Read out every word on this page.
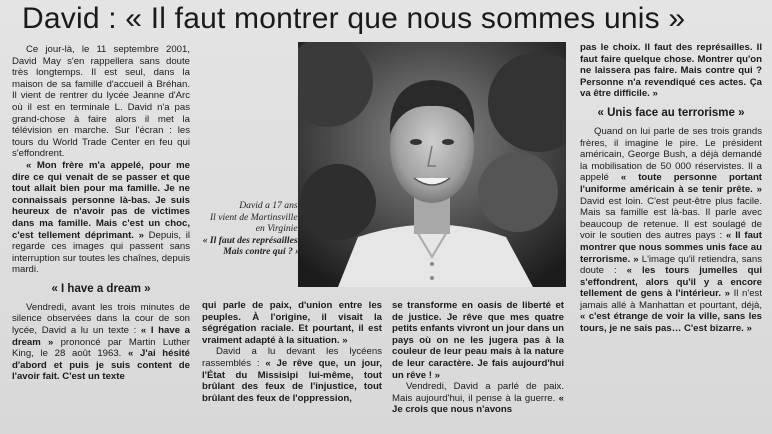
David : « Il faut montrer que nous sommes unis »

Ce jour-là, le 11 septembre 2001, David May s'en rappellera sans doute très longtemps. Il est seul, dans la maison de sa famille d'accueil à Bréhan. Il vient de rentrer du lycée Jeanne d'Arc où il est en terminale L. David n'a pas grand-chose à faire alors il met la télévision en marche. Sur l'écran : les tours du World Trade Center en feu qui s'effondrent.

« Mon frère m'a appelé, pour me dire ce qui venait de se passer et que tout allait bien pour ma famille. Je ne connaissais personne là-bas. Je suis heureux de n'avoir pas de victimes dans ma famille. Mais c'est un choc, c'est tellement déprimant. » Depuis, il regarde ces images qui passent sans interruption sur toutes les chaînes, depuis mardi.

« I have a dream »

Vendredi, avant les trois minutes de silence observées dans la cour de son lycée, David a lu un texte : « I have a dream » prononcé par Martin Luther King, le 28 août 1963. « J'ai hésité d'abord et puis je suis content de l'avoir fait. C'est un texte

David a 17 ans.
Il vient de Martinsville, en Virginie.
« Il faut des représailles. Mais contre qui ? »

qui parle de paix, d'union entre les peuples. À l'origine, il visait la ségrégation raciale. Et pourtant, il est vraiment adapté à la situation. »

David a lu devant les lycéens rassemblés : « Je rêve que, un jour, l'État du Missisipi lui-même, tout brûlant des feux de l'injustice, tout brûlant des feux de l'oppression,

se transforme en oasis de liberté et de justice. Je rêve que mes quatre petits enfants vivront un jour dans un pays où on ne les jugera pas à la couleur de leur peau mais à la nature de leur caractère. Je fais aujourd'hui un rêve ! »

Vendredi, David a parlé de paix. Mais aujourd'hui, il pense à la guerre. « Je crois que nous n'avons

pas le choix. Il faut des représailles. Il faut faire quelque chose. Montrer qu'on ne laissera pas faire. Mais contre qui ? Personne n'a revendiqué ces actes. Ça va être difficile. »

« Unis face au terrorisme »

Quand on lui parle de ses trois grands frères, il imagine le pire. Le président américain, George Bush, a déjà demandé la mobilisation de 50 000 réservistes. Il a appelé « toute personne portant l'uniforme américain à se tenir prête. » David est loin. C'est peut-être plus facile. Mais sa famille est là-bas. Il parle avec beaucoup de retenue. Il est soulagé de voir le soutien des autres pays : « Il faut montrer que nous sommes unis face au terrorisme. » L'image qu'il retiendra, sans doute : « les tours jumelles qui s'effondrent, alors qu'il y a encore tellement de gens à l'intérieur. » Il n'est jamais allé à Manhattan et pourtant, déjà, « c'est étrange de voir la ville, sans les tours, je ne sais pas… C'est bizarre. »
